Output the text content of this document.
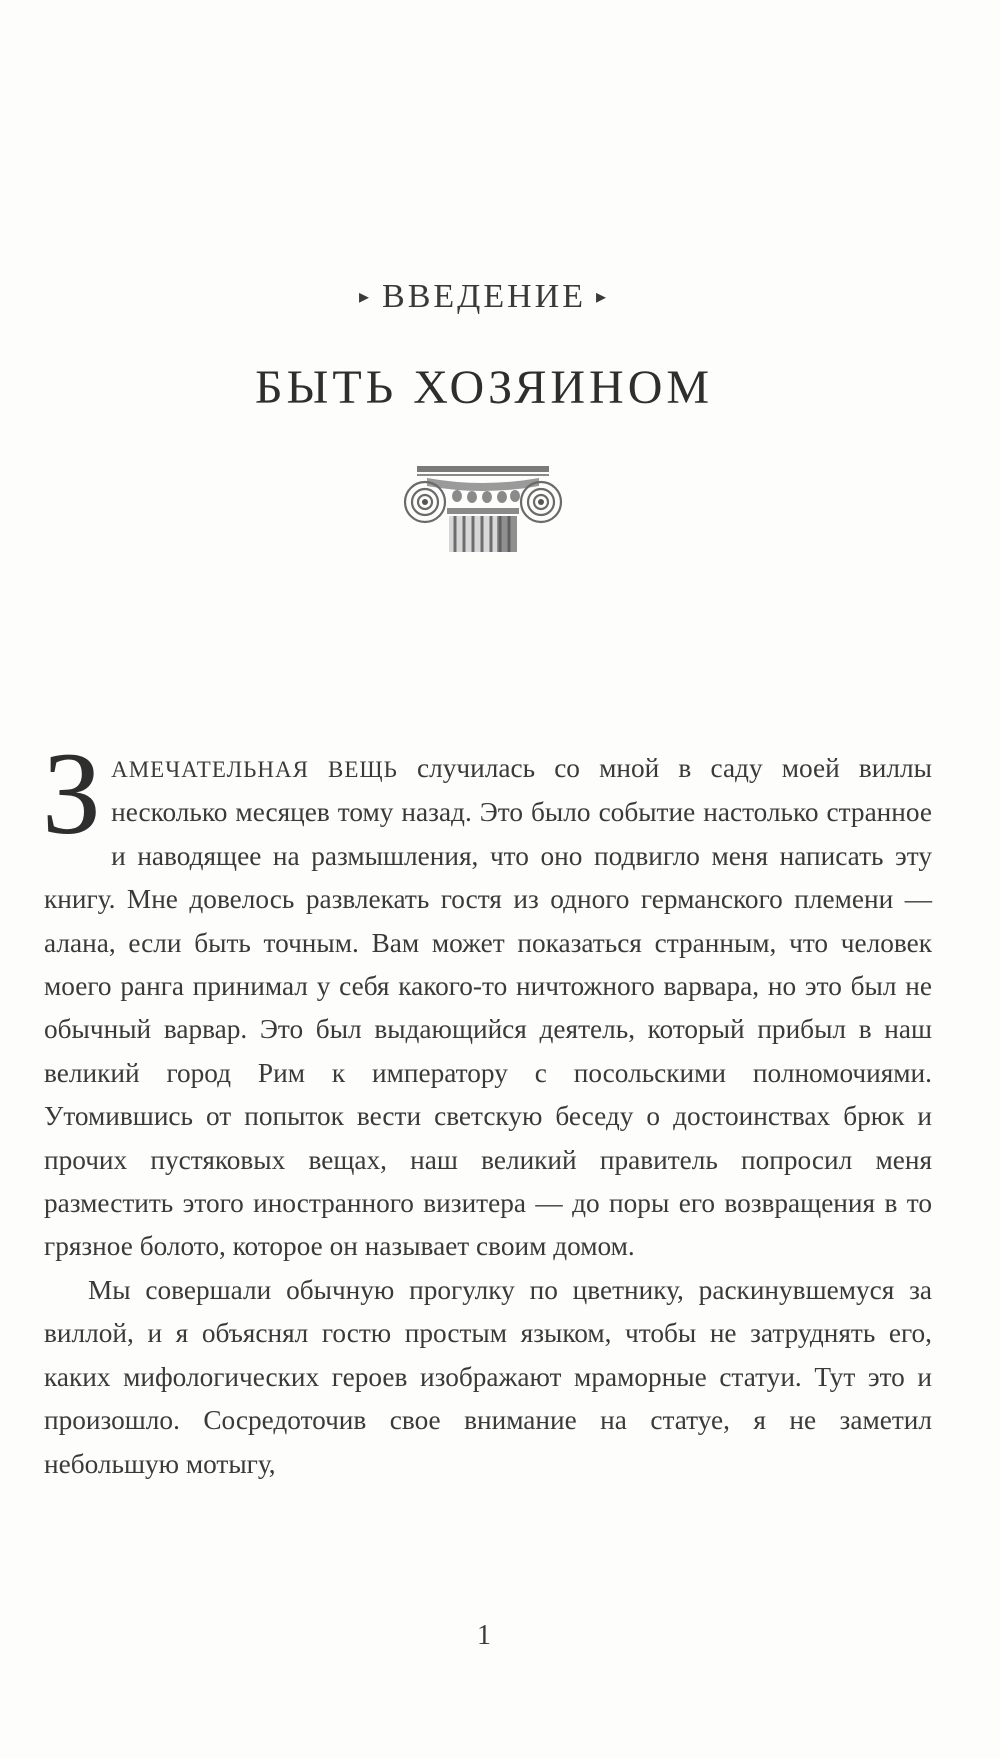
▸ ВВЕДЕНИЕ ▸
БЫТЬ ХОЗЯИНОМ

ЗАМЕЧАТЕЛЬНАЯ ВЕЩЬ случилась со мной в саду моей виллы несколько месяцев тому назад. Это было событие настолько странное и наводящее на размышления, что оно подвигло меня написать эту книгу. Мне довелось развлекать гостя из одного германского племени — алана, если быть точным. Вам может показаться странным, что человек моего ранга принимал у себя какого-то ничтожного варвара, но это был не обычный варвар. Это был выдающийся деятель, который прибыл в наш великий город Рим к императору с посольскими полномочиями. Утомившись от попыток вести светскую беседу о достоинствах брюк и прочих пустяковых вещах, наш великий правитель попросил меня разместить этого иностранного визитера — до поры его возвращения в то грязное болото, которое он называет своим домом.

Мы совершали обычную прогулку по цветнику, раскинувшемуся за виллой, и я объяснял гостю простым языком, чтобы не затруднять его, каких мифологических героев изображают мраморные статуи. Тут это и произошло. Сосредоточив свое внимание на статуе, я не заметил небольшую мотыгу,

1
